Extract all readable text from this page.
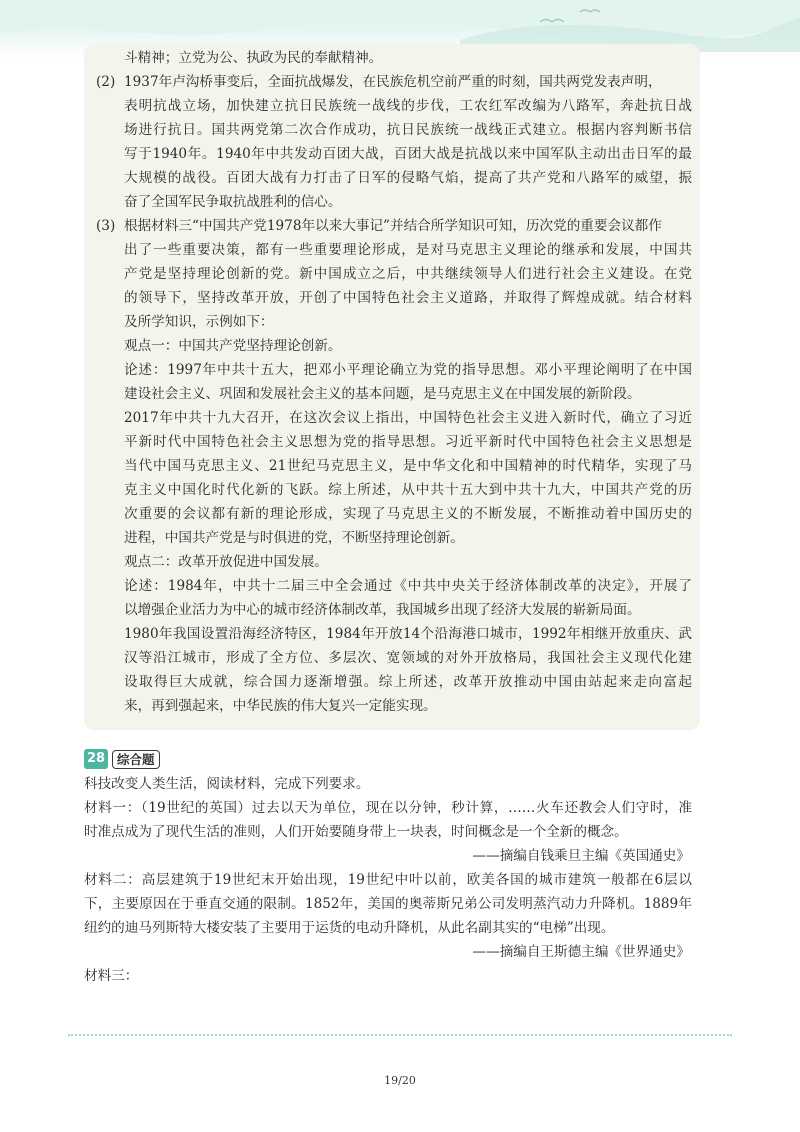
斗精神；立党为公、执政为民的奉献精神。
(2) 1937年卢沟桥事变后，全面抗战爆发，在民族危机空前严重的时刻，国共两党发表声明，
表明抗战立场，加快建立抗日民族统一战线的步伐，工农红军改编为八路军，奔赴抗日战
场进行抗日。国共两党第二次合作成功，抗日民族统一战线正式建立。根据内容判断书信
写于1940年。1940年中共发动百团大战，百团大战是抗战以来中国军队主动出击日军的最
大规模的战役。百团大战有力打击了日军的侵略气焰，提高了共产党和八路军的威望，振
奋了全国军民争取抗战胜利的信心。
(3) 根据材料三“中国共产党1978年以来大事记”并结合所学知识可知，历次党的重要会议都作
出了一些重要决策，都有一些重要理论形成，是对马克思主义理论的继承和发展，中国共
产党是坚持理论创新的党。新中国成立之后，中共继续领导人们进行社会主义建设。在党
的领导下，坚持改革开放，开创了中国特色社会主义道路，并取得了辉煌成就。结合材料
及所学知识，示例如下：
观点一：中国共产党坚持理论创新。
论述：1997年中共十五大，把邓小平理论确立为党的指导思想。邓小平理论阐明了在中国
建设社会主义、巩固和发展社会主义的基本问题，是马克思主义在中国发展的新阶段。
2017年中共十九大召开，在这次会议上指出，中国特色社会主义进入新时代，确立了习近
平新时代中国特色社会主义思想为党的指导思想。习近平新时代中国特色社会主义思想是
当代中国马克思主义、21世纪马克思主义，是中华文化和中国精神的时代精华，实现了马
克主义中国化时代化新的飞跃。综上所述，从中共十五大到中共十九大，中国共产党的历
次重要的会议都有新的理论形成，实现了马克思主义的不断发展，不断推动着中国历史的
进程，中国共产党是与时俱进的党，不断坚持理论创新。
观点二：改革开放促进中国发展。
论述：1984年，中共十二届三中全会通过《中共中央关于经济体制改革的决定》，开展了
以增强企业活力为中心的城市经济体制改革，我国城乡出现了经济大发展的崭新局面。
1980年我国设置沿海经济特区，1984年开放14个沿海港口城市，1992年相继开放重庆、武
汉等沿江城市，形成了全方位、多层次、宽领域的对外开放格局，我国社会主义现代化建
设取得巨大成就，综合国力逐渐增强。综上所述，改革开放推动中国由站起来走向富起
来，再到强起来，中华民族的伟大复兴一定能实现。
28 综合题
科技改变人类生活，阅读材料，完成下列要求。
材料一：（19世纪的英国）过去以天为单位，现在以分钟，秒计算，……火车还教会人们守时，准
时准点成为了现代生活的准则，人们开始要随身带上一块表，时间概念是一个全新的概念。
——摘编自钱乘旦主编《英国通史》
材料二：高层建筑于19世纪末开始出现，19世纪中叶以前，欧美各国的城市建筑一般都在6层以
下，主要原因在于垂直交通的限制。1852年，美国的奥蒂斯兄弟公司发明蒸汽动力升降机。1889年
纽约的迪马列斯特大楼安装了主要用于运货的电动升降机，从此名副其实的“电梯”出现。
——摘编自王斯德主编《世界通史》
材料三：
19/20
